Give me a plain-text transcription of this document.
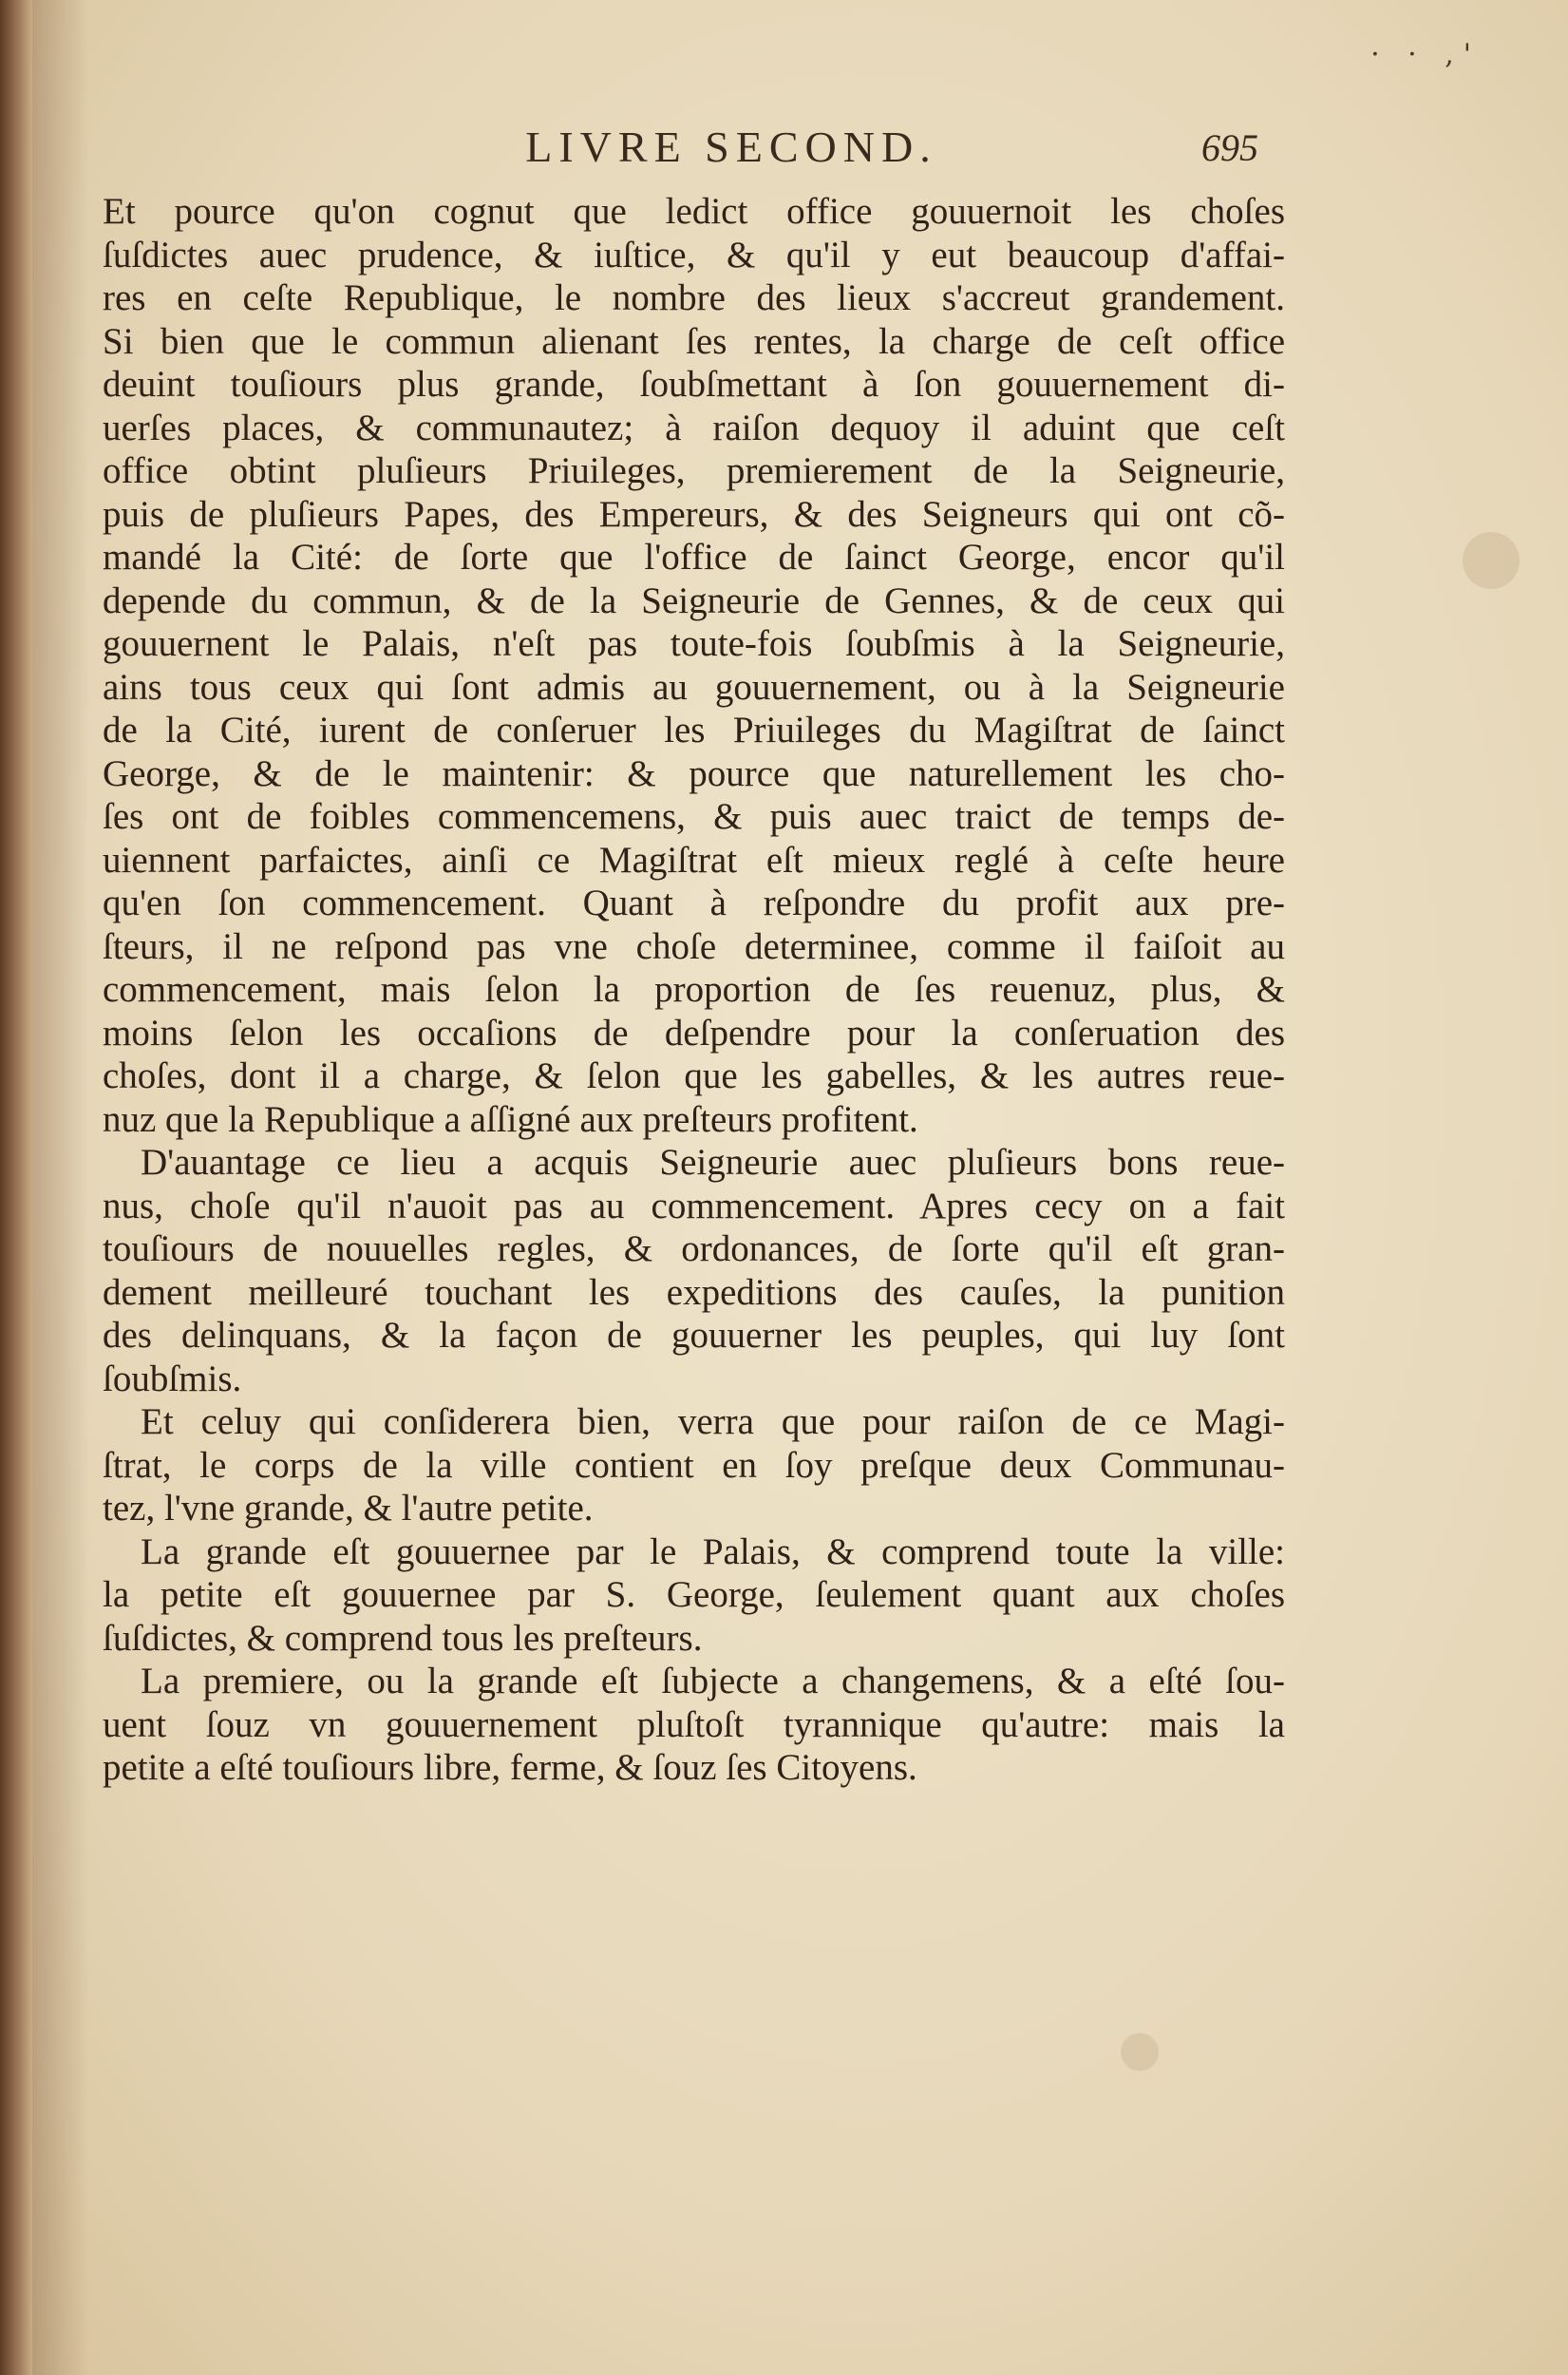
· · ,'
LIVRE SECOND.	695
Et pource qu'on cognut que ledict office gouuernoit les choſes
ſuſdictes auec prudence, & iuſtice, & qu'il y eut beaucoup d'affai-
res en ceſte Republique, le nombre des lieux s'accreut grandement.
Si bien que le commun alienant ſes rentes, la charge de ceſt office
deuint touſiours plus grande, ſoubſmettant à ſon gouuernement di-
uerſes places, & communautez; à raiſon dequoy il aduint que ceſt
office obtint pluſieurs Priuileges, premierement de la Seigneurie,
puis de pluſieurs Papes, des Empereurs, & des Seigneurs qui ont cõ-
mandé la Cité: de ſorte que l'office de ſainct George, encor qu'il
depende du commun, & de la Seigneurie de Gennes, & de ceux qui
gouuernent le Palais, n'eſt pas toute-fois ſoubſmis à la Seigneurie,
ains tous ceux qui ſont admis au gouuernement, ou à la Seigneurie
de la Cité, iurent de conſeruer les Priuileges du Magiſtrat de ſainct
George, & de le maintenir: & pource que naturellement les cho-
ſes ont de foibles commencemens, & puis auec traict de temps de-
uiennent parfaictes, ainſi ce Magiſtrat eſt mieux reglé à ceſte heure
qu'en ſon commencement. Quant à reſpondre du profit aux pre-
ſteurs, il ne reſpond pas vne choſe determinee, comme il faiſoit au
commencement, mais ſelon la proportion de ſes reuenuz, plus, &
moins ſelon les occaſions de deſpendre pour la conſeruation des
choſes, dont il a charge, & ſelon que les gabelles, & les autres reue-
nuz que la Republique a aſſigné aux preſteurs profitent.
D'auantage ce lieu a acquis Seigneurie auec pluſieurs bons reue-
nus, choſe qu'il n'auoit pas au commencement. Apres cecy on a fait
touſiours de nouuelles regles, & ordonances, de ſorte qu'il eſt gran-
dement meilleuré touchant les expeditions des cauſes, la punition
des delinquans, & la façon de gouuerner les peuples, qui luy ſont
ſoubſmis.
Et celuy qui conſiderera bien, verra que pour raiſon de ce Magi-
ſtrat, le corps de la ville contient en ſoy preſque deux Communau-
tez, l'vne grande, & l'autre petite.
La grande eſt gouuernee par le Palais, & comprend toute la ville:
la petite eſt gouuernee par S. George, ſeulement quant aux choſes
ſuſdictes, & comprend tous les preſteurs.
La premiere, ou la grande eſt ſubjecte a changemens, & a eſté ſou-
uent ſouz vn gouuernement pluſtoſt tyrannique qu'autre: mais la
petite a eſté touſiours libre, ferme, & ſouz ſes Citoyens.
